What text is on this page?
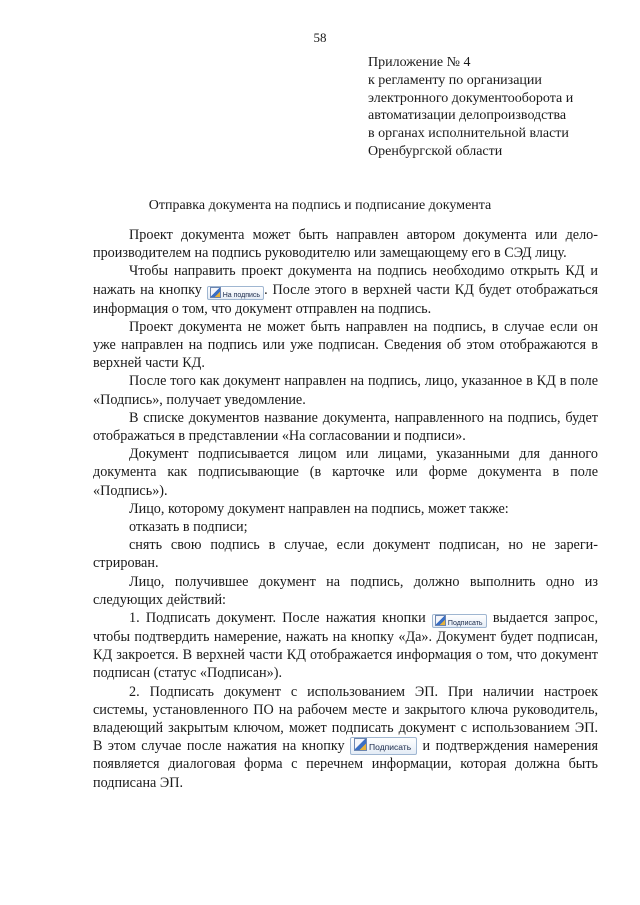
58
Приложение № 4
к регламенту по организации
электронного документооборота и
автоматизации делопроизводства
в органах исполнительной власти
Оренбургской области
Отправка документа на подпись и подписание документа

Проект документа может быть направлен автором документа или делопроизводителем на подпись руководителю или замещающему его в СЭД лицу.

Чтобы направить проект документа на подпись необходимо открыть КД и нажать на кнопку На подпись . После этого в верхней части КД будет отображаться информация о том, что документ отправлен на подпись.

Проект документа не может быть направлен на подпись, в случае если он уже направлен на подпись или уже подписан. Сведения об этом отображаются в верхней части КД.

После того как документ направлен на подпись, лицо, указанное в КД в поле «Подпись», получает уведомление.

В списке документов название документа, направленного на подпись, будет отображаться в представлении «На согласовании и подписи».

Документ подписывается лицом или лицами, указанными для данного документа как подписывающие (в карточке или форме документа в поле «Подпись»).

Лицо, которому документ направлен на подпись, может также:

отказать в подписи;

снять свою подпись в случае, если документ подписан, но не зарегистрирован.

Лицо, получившее документ на подпись, должно выполнить одно из следующих действий:

1. Подписать документ. После нажатия кнопки Подписать выдается запрос, чтобы подтвердить намерение, нажать на кнопку «Да». Документ будет подписан, КД закроется. В верхней части КД отображается информация о том, что документ подписан (статус «Подписан»).

2. Подписать документ с использованием ЭП. При наличии настроек системы, установленного ПО на рабочем месте и закрытого ключа руководитель, владеющий закрытым ключом, может подписать документ с использованием ЭП. В этом случае после нажатия на кнопку Подписать и подтверждения намерения появляется диалоговая форма с перечнем информации, которая должна быть подписана ЭП.
